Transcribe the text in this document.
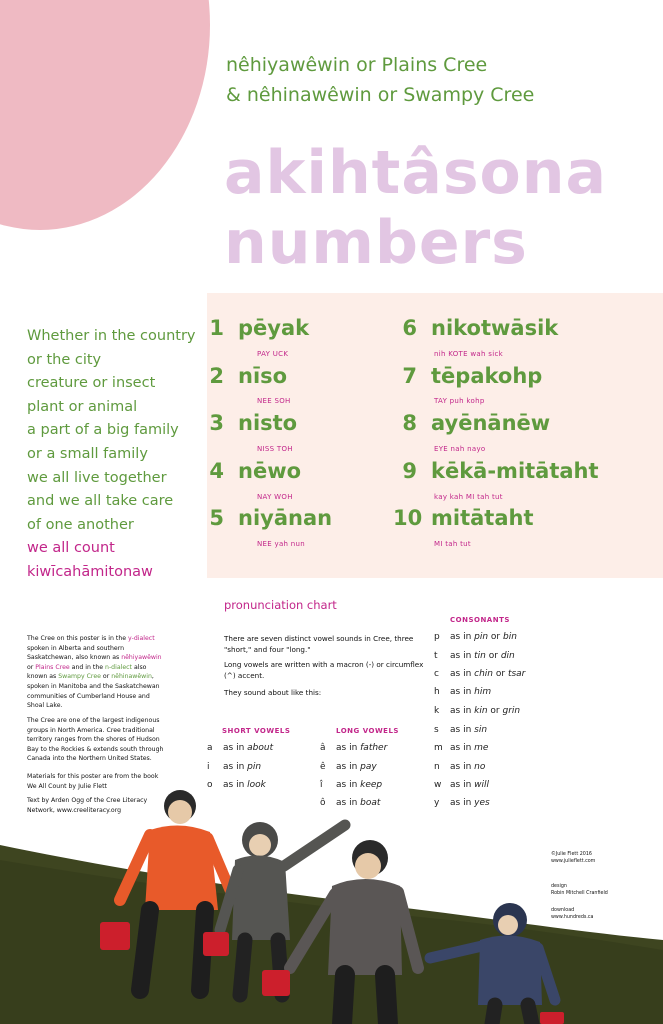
nêhiyawêwin or Plains Cree
& nêhinawêwin or Swampy Cree
akihtâsona
numbers
1 pēyak
PAY UCK
2 nīso
NEE SOH
3 nisto
NISS TOH
4 nēwo
NAY WOH
5 niyānan
NEE yah nun
6 nikotwāsik
nih KOTE wah sick
7 tēpakohp
TAY puh kohp
8 ayēnānēw
EYE nah nayo
9 kēkā-mitātaht
kay kah MI tah tut
10 mitātaht
MI tah tut
Whether in the country
or the city
creature or insect
plant or animal
a part of a big family
or a small family
we all live together
and we all take care
of one another
we all count
kiwīcahāmitonaw
The Cree on this poster is in the y-dialect spoken in Alberta and southern Saskatchewan, also known as nêhiyawêwin or Plains Cree and in the n-dialect also known as Swampy Cree or nêhinawêwin, spoken in Manitoba and the Saskatchewan communities of Cumberland House and Shoal Lake.
The Cree are one of the largest indigenous groups in North America. Cree traditional territory ranges from the shores of Hudson Bay to the Rockies & extends south through Canada into the Northern United States.
Materials for this poster are from the book We All Count by Julie Flett
Text by Arden Ogg of the Cree Literacy Network, www.creeliteracy.org
pronunciation chart
There are seven distinct vowel sounds in Cree, three "short," and four "long."
Long vowels are written with a macron (-) or circumflex (^) accent.
They sound about like this:
SHORT VOWELS	LONG VOWELS
CONSONANTS
a as in about
i as in pin
o as in look
â as in father
ê as in pay
î as in keep
ô as in boat
p as in pin or bin
t as in tin or din
c as in chin or tsar
h as in him
k as in kin or grin
s as in sin
m as in me
n as in no
w as in will
y as in yes
©Julie Flett 2016
www.julieflett.com
design
Robin Mitchell Cranfield
download
www.hundreds.ca
